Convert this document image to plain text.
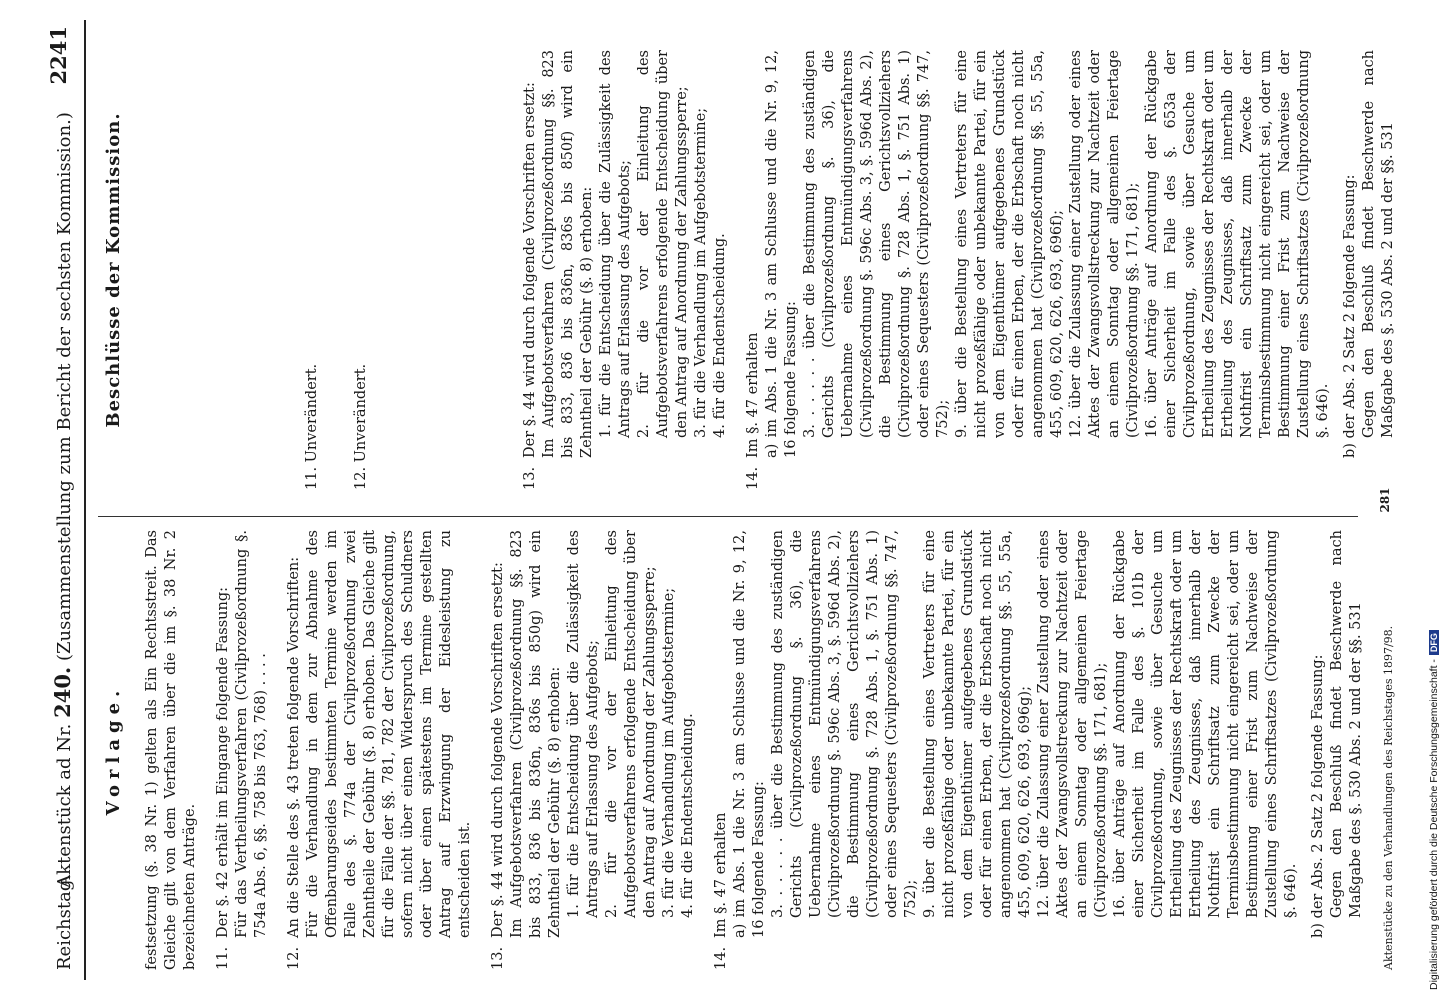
Reichstag.
Aktenstück ad Nr. 240. (Zusammenstellung zum Bericht der sechsten Kommission.)
2241
Vorlage. festsetzung (§. 38 Nr. 1) gelten als Ein Rechtsstreit. Das Gleiche gilt von dem Verfahren über die im §. 38 Nr. 2 bezeichneten Anträge. 11.Der §. 42 erhält im Eingange folgende Fassung: Für das Vertheilungsverfahren (Civilprozeßordnung §. 754a Abs. 6, §§. 758 bis 763, 768) . . . .
12.An die Stelle des §. 43 treten folgende Vorschriften: Für die Verhandlung in dem zur Abnahme des Offenbarungseides bestimmten Termine werden im Falle des §. 774a der Civilprozeßordnung zwei Zehntheile der Gebühr (§. 8) erhoben. Das Gleiche gilt für die Fälle der §§. 781, 782 der Civilprozeßordnung, sofern nicht über einen Widerspruch des Schuldners oder über einen spätestens im Termine gestellten Antrag auf Erzwingung der Eidesleistung zu entscheiden ist.
13.Der §. 44 wird durch folgende Vorschriften ersetzt: Im Aufgebotsverfahren (Civilprozeßordnung §§. 823 bis 833, 836 bis 836n, 836s bis 850g) wird ein Zehntheil der Gebühr (§. 8) erhoben: 1. für die Entscheidung über die Zulässigkeit des Antrags auf Erlassung des Aufgebots; 2. für die vor der Einleitung des Aufgebotsverfahrens erfolgende Entscheidung über den Antrag auf Anordnung der Zahlungssperre; 3. für die Verhandlung im Aufgebotstermine; 4. für die Endentscheidung.
14.Im §. 47 erhalten a) im Abs. 1 die Nr. 3 am Schlusse und die Nr. 9, 12, 16 folgende Fassung: 3. . . . . . über die Bestimmung des zuständigen Gerichts (Civilprozeßordnung §. 36), die Uebernahme eines Entmündigungsverfahrens (Civilprozeßordnung §. 596c Abs. 3, §. 596d Abs. 2), die Bestimmung eines Gerichtsvollziehers (Civilprozeßordnung §. 728 Abs. 1, §. 751 Abs. 1) oder eines Sequesters (Civilprozeßordnung §§. 747, 752); 9. über die Bestellung eines Vertreters für eine nicht prozeßfähige oder unbekannte Partei, für ein von dem Eigenthümer aufgegebenes Grundstück oder für einen Erben, der die Erbschaft noch nicht angenommen hat (Civilprozeßordnung §§. 55, 55a, 455, 609, 620, 626, 693, 696g); 12. über die Zulassung einer Zustellung oder eines Aktes der Zwangsvollstreckung zur Nachtzeit oder an einem Sonntag oder allgemeinen Feiertage (Civilprozeßordnung §§. 171, 681); 16. über Anträge auf Anordnung der Rückgabe einer Sicherheit im Falle des §. 101b der Civilprozeßordnung, sowie über Gesuche um Ertheilung des Zeugnisses der Rechtskraft oder um Ertheilung des Zeugnisses, daß innerhalb der Nothfrist ein Schriftsatz zum Zwecke der Terminsbestimmung nicht eingereicht sei, oder um Bestimmung einer Frist zum Nachweise der Zustellung eines Schriftsatzes (Civilprozeßordnung §. 646). b) der Abs. 2 Satz 2 folgende Fassung: Gegen den Beschluß findet Beschwerde nach Maßgabe des §. 530 Abs. 2 und der §§. 531
Beschlüsse der Kommission.	11. Unverändert. 12. Unverändert.	13.Der §. 44 wird durch folgende Vorschriften ersetzt: Im Aufgebotsverfahren (Civilprozeßordnung §§. 823 bis 833, 836 bis 836n, 836s bis 850f) wird ein Zehntheil der Gebühr (§. 8) erhoben: 1. für die Entscheidung über die Zulässigkeit des Antrags auf Erlassung des Aufgebots; 2. für die vor der Einleitung des Aufgebotsverfahrens erfolgende Entscheidung über den Antrag auf Anordnung der Zahlungssperre; 3. für die Verhandlung im Aufgebotstermine; 4. für die Endentscheidung.
14.Im §. 47 erhalten a) im Abs. 1 die Nr. 3 am Schlusse und die Nr. 9, 12, 16 folgende Fassung: 3. . . . . . über die Bestimmung des zuständigen Gerichts (Civilprozeßordnung §. 36), die Uebernahme eines Entmündigungsverfahrens (Civilprozeßordnung §. 596c Abs. 3, §. 596d Abs. 2), die Bestimmung eines Gerichtsvollziehers (Civilprozeßordnung §. 728 Abs. 1, §. 751 Abs. 1) oder eines Sequesters (Civilprozeßordnung §§. 747, 752); 9. über die Bestellung eines Vertreters für eine nicht prozeßfähige oder unbekannte Partei, für ein von dem Eigenthümer aufgegebenes Grundstück oder für einen Erben, der die Erbschaft noch nicht angenommen hat (Civilprozeßordnung §§. 55, 55a, 455, 609, 620, 626, 693, 696f); 12. über die Zulassung einer Zustellung oder eines Aktes der Zwangsvollstreckung zur Nachtzeit oder an einem Sonntag oder allgemeinen Feiertage (Civilprozeßordnung §§. 171, 681); 16. über Anträge auf Anordnung der Rückgabe einer Sicherheit im Falle des §. 653a der Civilprozeßordnung, sowie über Gesuche um Ertheilung des Zeugnisses der Rechtskraft oder um Ertheilung des Zeugnisses, daß innerhalb der Nothfrist ein Schriftsatz zum Zwecke der Terminsbestimmung nicht eingereicht sei, oder um Bestimmung einer Frist zum Nachweise der Zustellung eines Schriftsatzes (Civilprozeßordnung §. 646). b) der Abs. 2 Satz 2 folgende Fassung: Gegen den Beschluß findet Beschwerde nach Maßgabe des §. 530 Abs. 2 und der §§. 531
Aktenstücke zu den Verhandlungen des Reichstages 1897/98.
281
Digitalisierung gefördert durch die Deutsche Forschungsgemeinschaft -DFG
